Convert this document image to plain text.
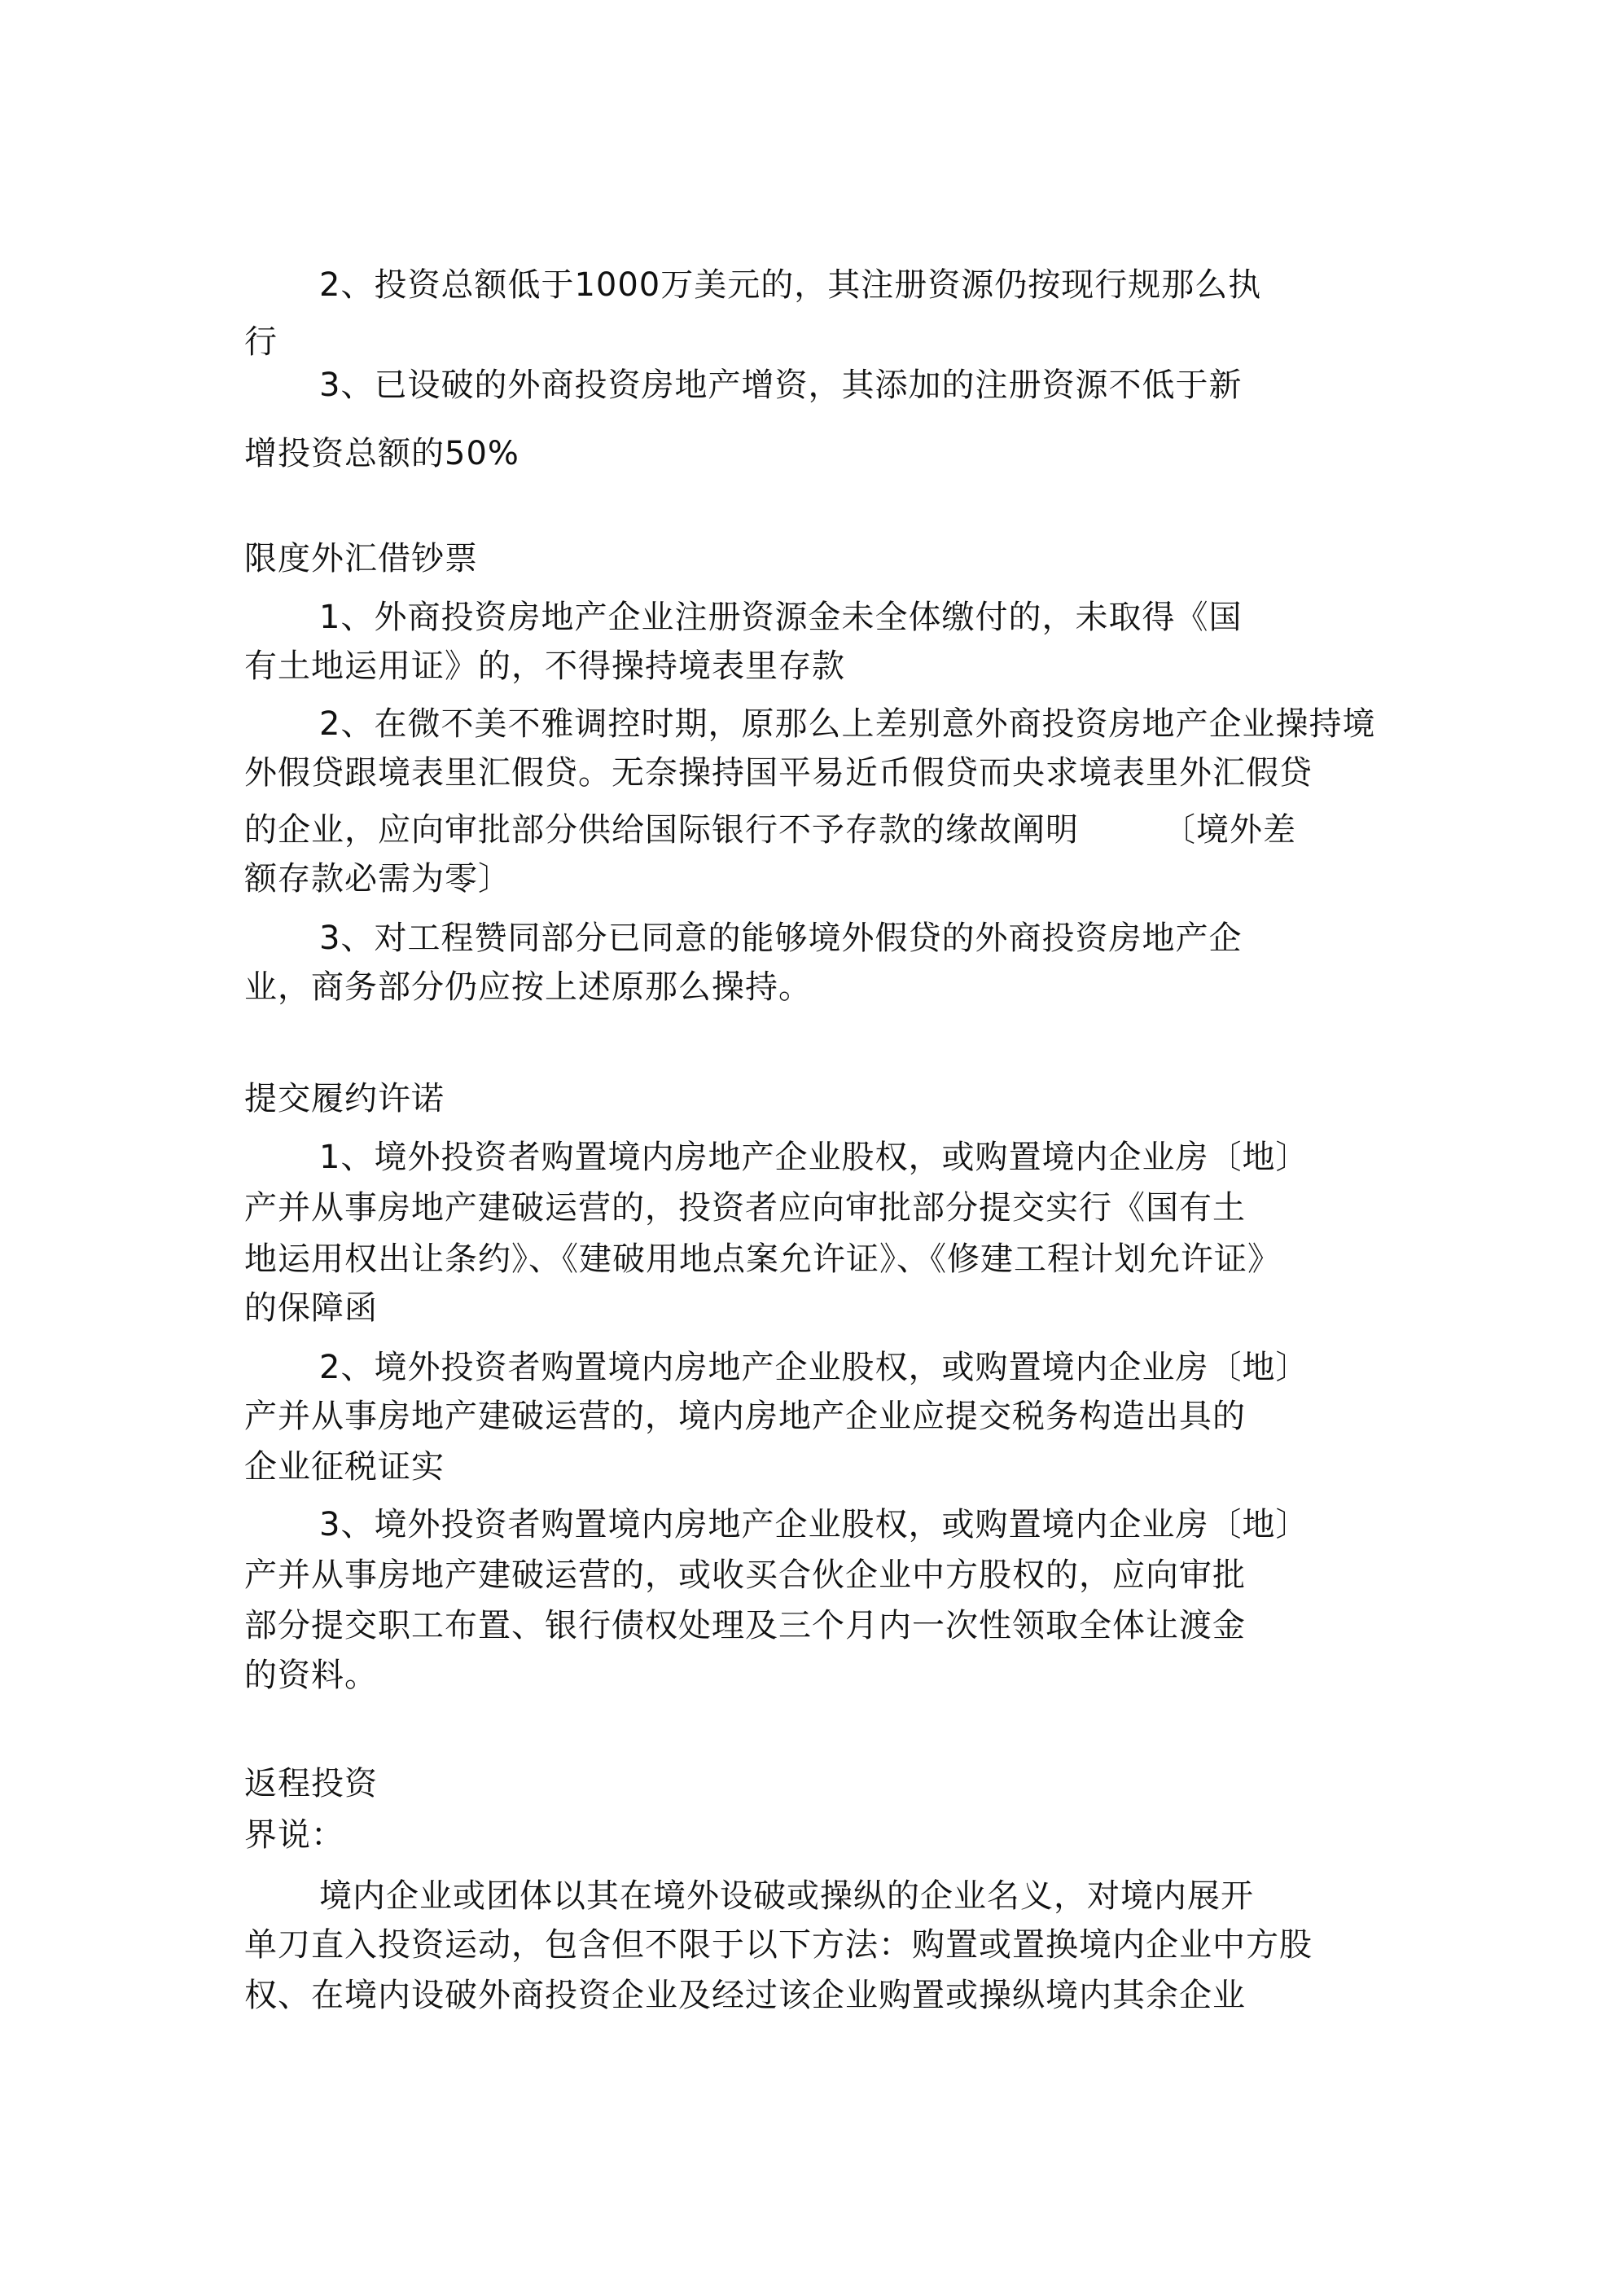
2、投资总额低于1000万美元的，其注册资源仍按现行规那么执
行
3、已设破的外商投资房地产增资，其添加的注册资源不低于新
增投资总额的50%
限度外汇借钞票
1、外商投资房地产企业注册资源金未全体缴付的，未取得《国
有土地运用证》的，不得操持境表里存款
2、在微不美不雅调控时期，原那么上差别意外商投资房地产企业操持境
外假贷跟境表里汇假贷。无奈操持国平易近币假贷而央求境表里外汇假贷
的企业，应向审批部分供给国际银行不予存款的缘故阐明　　　〔境外差
额存款必需为零〕
3、对工程赞同部分已同意的能够境外假贷的外商投资房地产企
业，商务部分仍应按上述原那么操持。
提交履约许诺
1、境外投资者购置境内房地产企业股权，或购置境内企业房〔地〕
产并从事房地产建破运营的，投资者应向审批部分提交实行《国有土
地运用权出让条约》、《建破用地点案允许证》、《修建工程计划允许证》
的保障函
2、境外投资者购置境内房地产企业股权，或购置境内企业房〔地〕
产并从事房地产建破运营的，境内房地产企业应提交税务构造出具的
企业征税证实
3、境外投资者购置境内房地产企业股权，或购置境内企业房〔地〕
产并从事房地产建破运营的，或收买合伙企业中方股权的，应向审批
部分提交职工布置、银行债权处理及三个月内一次性领取全体让渡金
的资料。
返程投资
界说：
境内企业或团体以其在境外设破或操纵的企业名义，对境内展开
单刀直入投资运动，包含但不限于以下方法：购置或置换境内企业中方股
权、在境内设破外商投资企业及经过该企业购置或操纵境内其余企业
